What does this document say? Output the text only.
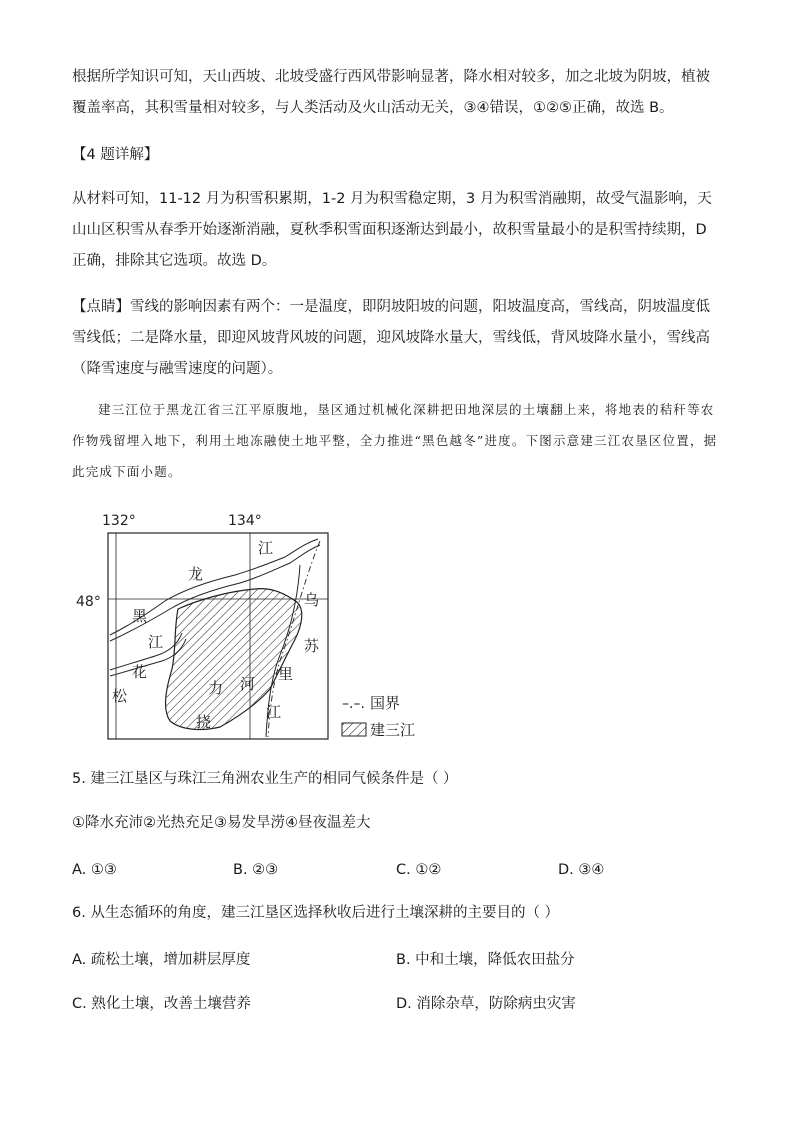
根据所学知识可知，天山西坡、北坡受盛行西风带影响显著，降水相对较多，加之北坡为阴坡，植被覆盖率高，其积雪量相对较多，与人类活动及火山活动无关，③④错误，①②⑤正确，故选 B。

【4 题详解】

从材料可知，11-12 月为积雪积累期，1-2 月为积雪稳定期，3 月为积雪消融期，故受气温影响，天山山区积雪从春季开始逐渐消融，夏秋季积雪面积逐渐达到最小，故积雪量最小的是积雪持续期，D 正确，排除其它选项。故选 D。

【点睛】雪线的影响因素有两个：一是温度，即阴坡阳坡的问题，阳坡温度高，雪线高，阴坡温度低雪线低；二是降水量，即迎风坡背风坡的问题，迎风坡降水量大，雪线低，背风坡降水量小，雪线高（降雪速度与融雪速度的问题）。

建三江位于黑龙江省三江平原腹地，垦区通过机械化深耕把田地深层的土壤翻上来，将地表的秸秆等农作物残留埋入地下，利用土地冻融使土地平整，全力推进“黑色越冬”进度。下图示意建三江农垦区位置，据此完成下面小题。

132°	134°
48°
龙
江
黑
江
花
松	力
挠
河
乌
苏
里
江	–.–. 国界
建三江

5. 建三江垦区与珠江三角洲农业生产的相同气候条件是（ ）

①降水充沛②光热充足③易发旱涝④昼夜温差大

A. ①③	B. ②③	C. ①②	D. ③④

6. 从生态循环的角度，建三江垦区选择秋收后进行土壤深耕的主要目的（ ）

A. 疏松土壤，增加耕层厚度	B. 中和土壤，降低农田盐分
C. 熟化土壤，改善土壤营养	D. 消除杂草，防除病虫灾害
